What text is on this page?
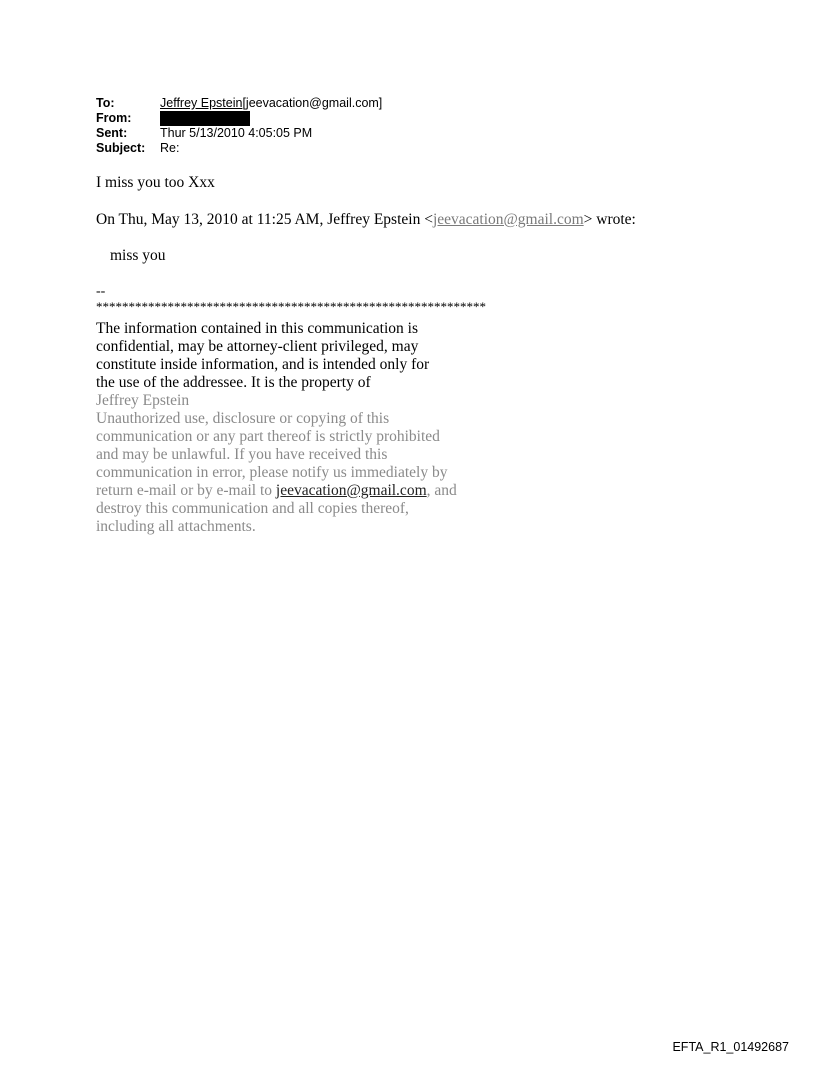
To:	Jeffrey Epstein[jeevacation@gmail.com]
From:
Sent:	Thur 5/13/2010 4:05:05 PM
Subject:	Re:
I miss you too Xxx
On Thu, May 13, 2010 at 11:25 AM, Jeffrey Epstein <jeevacation@gmail.com> wrote:
miss you
--
************************************************************
The information contained in this communication is
confidential, may be attorney-client privileged, may
constitute inside information, and is intended only for
the use of the addressee. It is the property of
Jeffrey Epstein
Unauthorized use, disclosure or copying of this
communication or any part thereof is strictly prohibited
and may be unlawful. If you have received this
communication in error, please notify us immediately by
return e-mail or by e-mail to jeevacation@gmail.com, and
destroy this communication and all copies thereof,
including all attachments.
EFTA_R1_01492687
